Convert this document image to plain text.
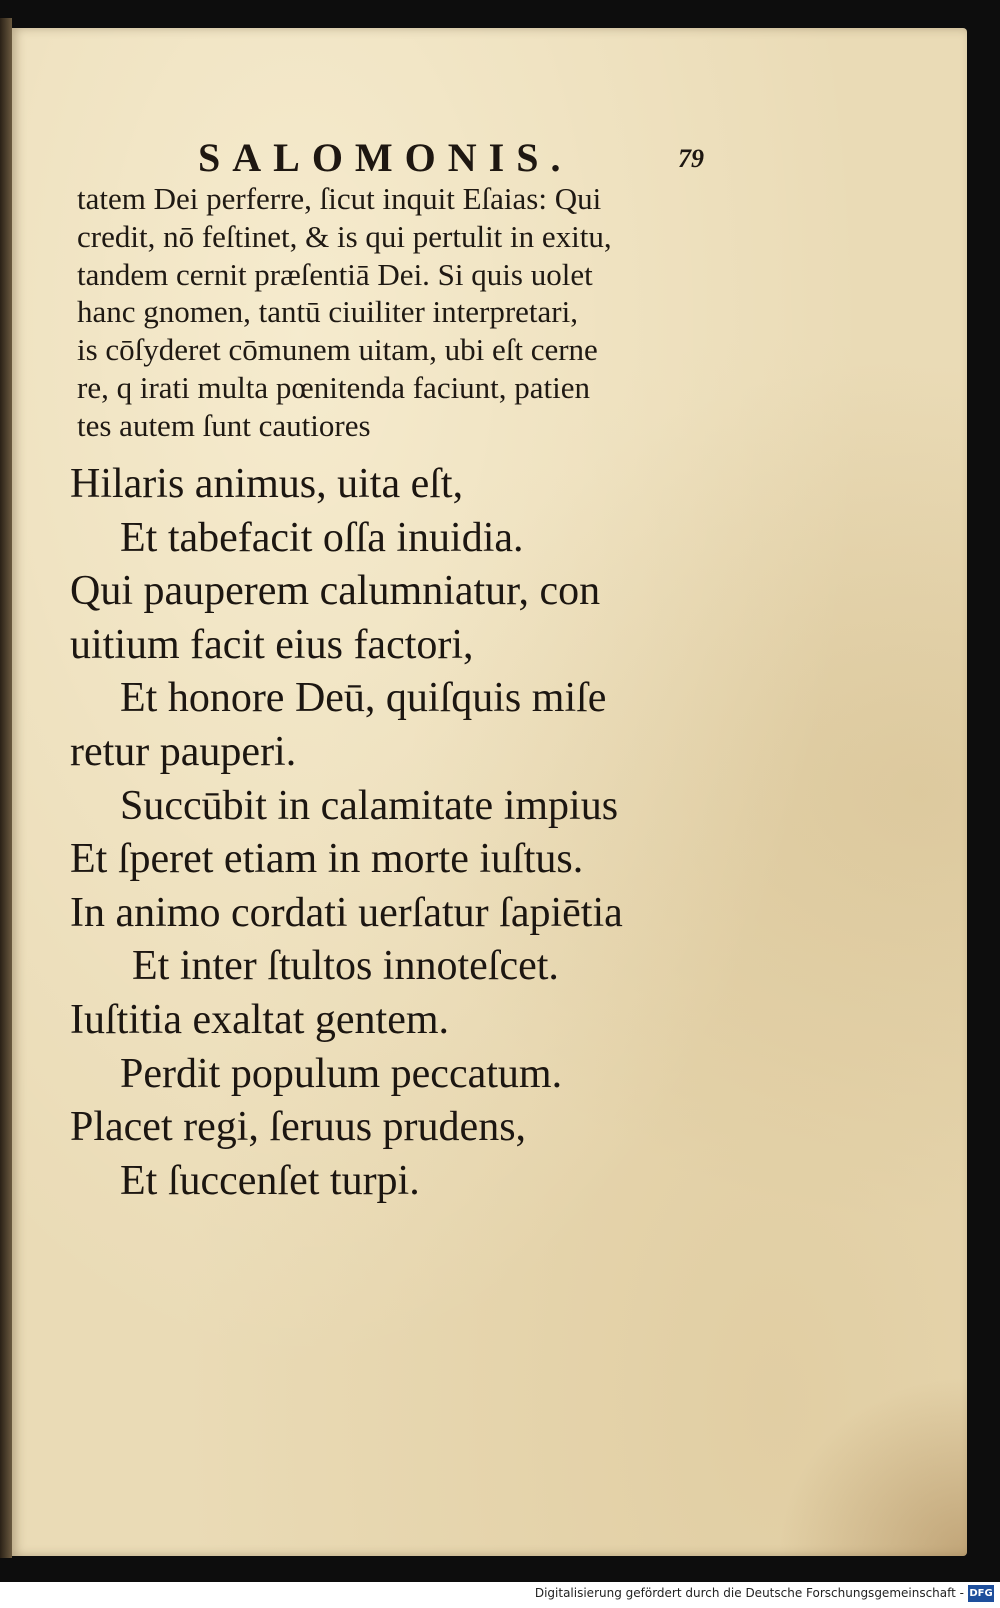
SALOMONIS.	79
tatem Dei perferre, ſicut inquit Eſaias: Qui
credit, nō feſtinet, & is qui pertulit in exitu,
tandem cernit præſentiā Dei. Si quis uolet
hanc gnomen, tantū ciuiliter interpretari,
is cōſyderet cōmunem uitam, ubi eſt cerne
re, q irati multa pœnitenda faciunt, patien
tes autem ſunt cautiores
Hilaris animus, uita eſt,
Et tabefacit oſſa inuidia.
Qui pauperem calumniatur, con
uitium facit eius factori,
Et honore Deū, quiſquis miſe
retur pauperi.
Succūbit in calamitate impius
Et ſperet etiam in morte iuſtus.
In animo cordati uerſatur ſapiētia
Et inter ſtultos innoteſcet.
Iuſtitia exaltat gentem.
Perdit populum peccatum.
Placet regi, ſeruus prudens,
Et ſuccenſet turpi.
Digitalisierung gefördert durch die Deutsche Forschungsgemeinschaft - DFG
